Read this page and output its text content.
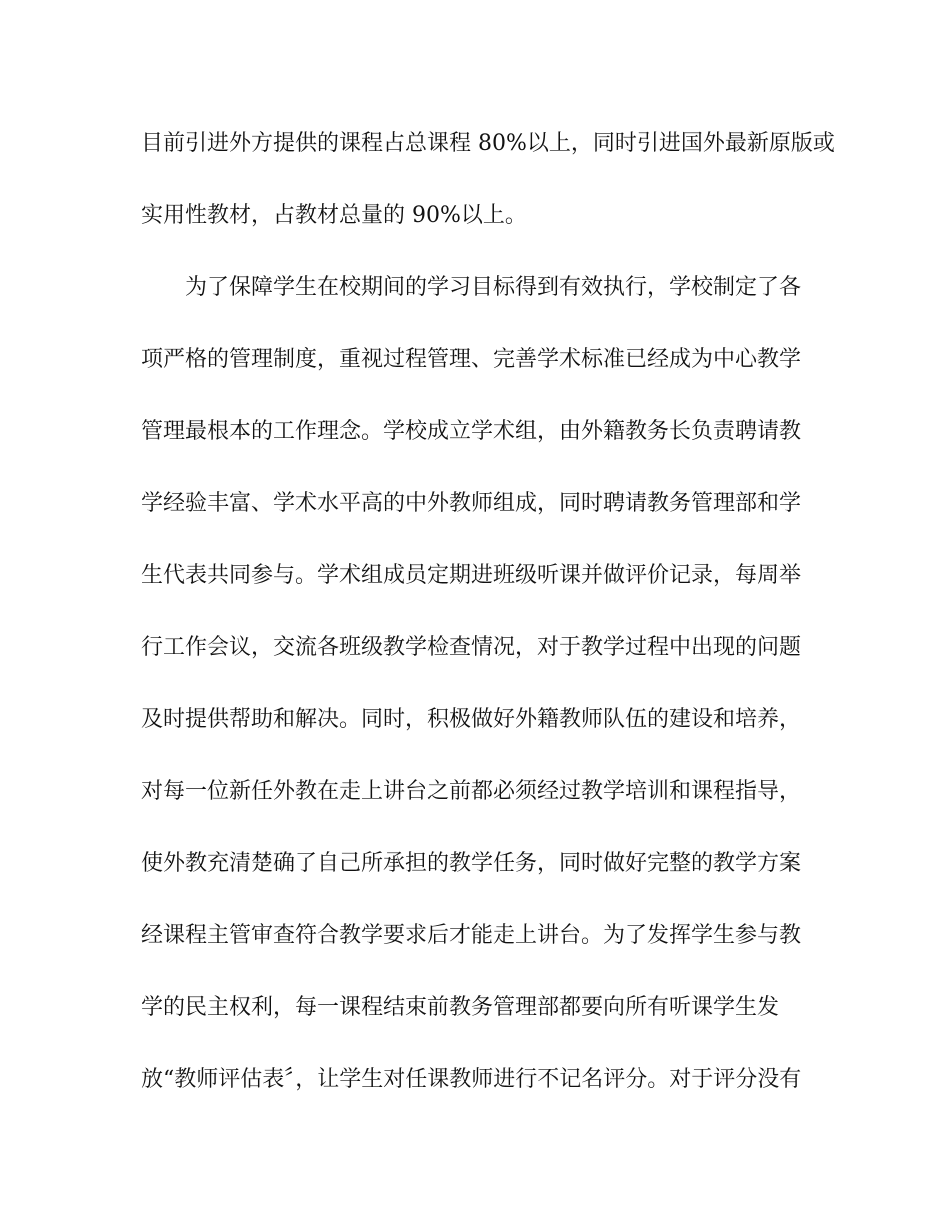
目前引进外方提供的课程占总课程 80%以上，同时引进国外最新原版或
实用性教材，占教材总量的 90%以上。
为了保障学生在校期间的学习目标得到有效执行，学校制定了各
项严格的管理制度，重视过程管理、完善学术标准已经成为中心教学
管理最根本的工作理念。学校成立学术组，由外籍教务长负责聘请教
学经验丰富、学术水平高的中外教师组成，同时聘请教务管理部和学
生代表共同参与。学术组成员定期进班级听课并做评价记录，每周举
行工作会议，交流各班级教学检查情况，对于教学过程中出现的问题
及时提供帮助和解决。同时，积极做好外籍教师队伍的建设和培养，
对每一位新任外教在走上讲台之前都必须经过教学培训和课程指导，
使外教充清楚确了自己所承担的教学任务，同时做好完整的教学方案
经课程主管审查符合教学要求后才能走上讲台。为了发挥学生参与教
学的民主权利，每一课程结束前教务管理部都要向所有听课学生发
放“教师评估表〞，让学生对任课教师进行不记名评分。对于评分没有
